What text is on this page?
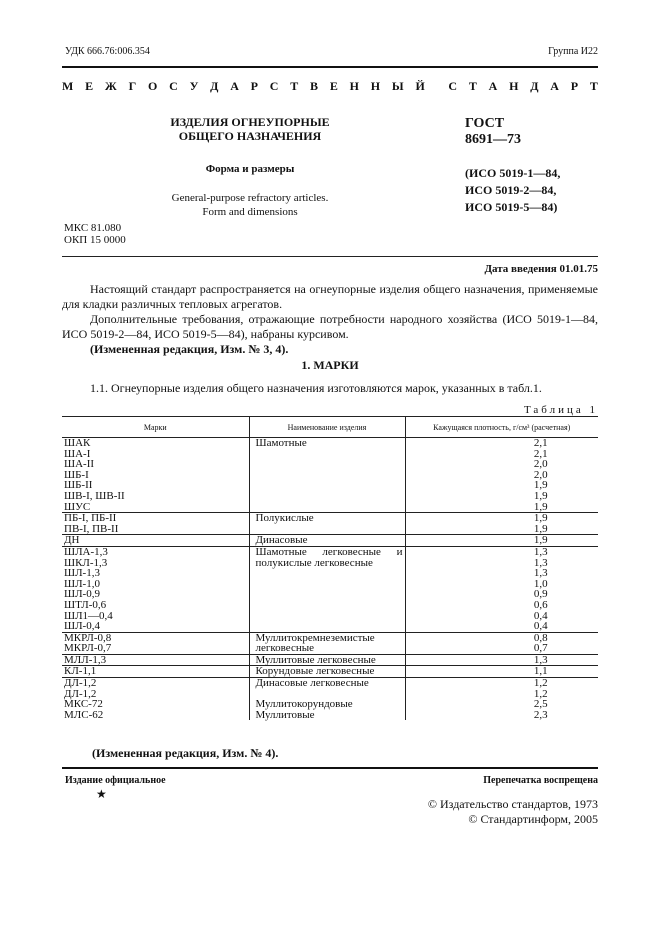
УДК 666.76:006.354	Группа И22
М Е Ж Г О С У Д А Р С Т В Е Н Н Ы Й С Т А Н Д А Р Т
ИЗДЕЛИЯ ОГНЕУПОРНЫЕ
ОБЩЕГО НАЗНАЧЕНИЯ
Форма и размеры
General-purpose refractory articles.
Form and dimensions
ГОСТ
8691—73
(ИСО 5019-1—84,
ИСО 5019-2—84,
ИСО 5019-5—84)
МКС 81.080
ОКП 15 0000
Дата введения 01.01.75

Настоящий стандарт распространяется на огнеупорные изделия общего назначения, применяемые для кладки различных тепловых агрегатов.

Дополнительные требования, отражающие потребности народного хозяйства (ИСО 5019-1—84, ИСО 5019-2—84, ИСО 5019-5—84), набраны курсивом.

(Измененная редакция, Изм. № 3, 4).

1. МАРКИ
1.1. Огнеупорные изделия общего назначения изготовляются марок, указанных в табл.1.
Таблица 1
Марки	Наименование изделия	Кажущаяся плотность, г/см³ (расчетная)
ШАК	Шамотные	2,1
ША-I		2,1
ША-II		2,0
ШБ-I		2,0
ШБ-II		1,9
ШВ-I, ШВ-II		1,9
ШУС		1,9
ПБ-I, ПБ-II	Полукислые	1,9
ПВ-I, ПВ-II		1,9
ДН	Динасовые	1,9
ШЛА-1,3	Шамотные легковесные и	1,3
ШКЛ-1,3	полукислые легковесные	1,3
ШЛ-1,3		1,3
ШЛ-1,0		1,0
ШЛ-0,9		0,9
ШТЛ-0,6		0,6
ШЛ1—0,4		0,4
ШЛ-0,4		0,4
МКРЛ-0,8	Муллитокремнеземистые	0,8
МКРЛ-0,7	легковесные	0,7
МЛЛ-1,3	Муллитовые легковесные	1,3
КЛ-1,1	Корундовые легковесные	1,1
ДЛ-1,2	Динасовые легковесные	1,2
ДЛ-1,2		1,2
МКС-72	Муллитокорундовые	2,5
МЛС-62	Муллитовые	2,3
(Измененная редакция, Изм. № 4).
Издание официальное	Перепечатка воспрещена
★
© Издательство стандартов, 1973
© Стандартинформ, 2005
